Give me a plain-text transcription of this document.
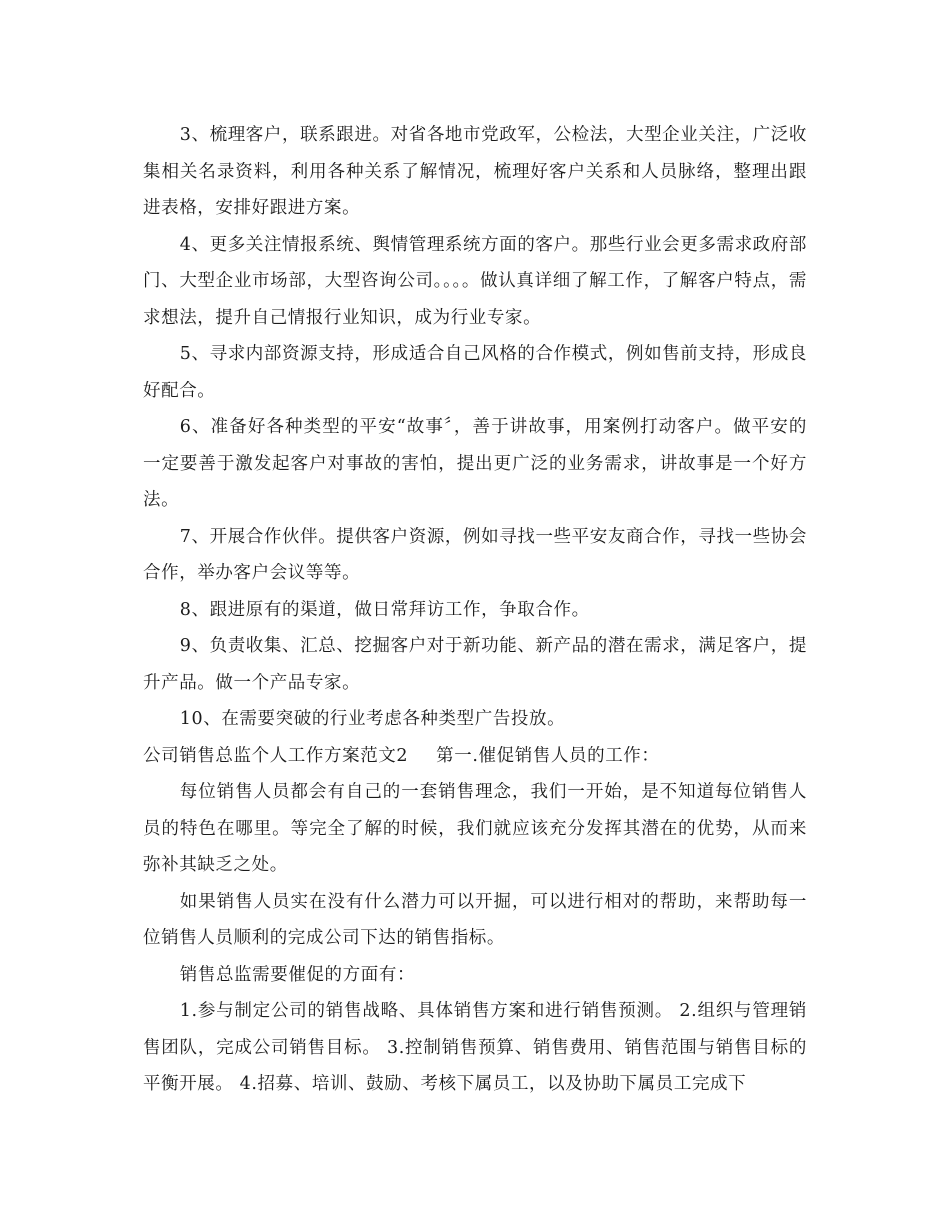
3、梳理客户，联系跟进。对省各地市党政军，公检法，大型企业关注，广泛收集相关名录资料，利用各种关系了解情况，梳理好客户关系和人员脉络，整理出跟进表格，安排好跟进方案。

4、更多关注情报系统、舆情管理系统方面的客户。那些行业会更多需求政府部门、大型企业市场部，大型咨询公司。。。。做认真详细了解工作，了解客户特点，需求想法，提升自己情报行业知识，成为行业专家。

5、寻求内部资源支持，形成适合自己风格的合作模式，例如售前支持，形成良好配合。

6、准备好各种类型的平安“故事〞，善于讲故事，用案例打动客户。做平安的一定要善于激发起客户对事故的害怕，提出更广泛的业务需求，讲故事是一个好方法。

7、开展合作伙伴。提供客户资源，例如寻找一些平安友商合作，寻找一些协会合作，举办客户会议等等。

8、跟进原有的渠道，做日常拜访工作，争取合作。

9、负责收集、汇总、挖掘客户对于新功能、新产品的潜在需求，满足客户，提升产品。做一个产品专家。

10、在需要突破的行业考虑各种类型广告投放。

公司销售总监个人工作方案范文2 第一.催促销售人员的工作：

每位销售人员都会有自己的一套销售理念，我们一开始，是不知道每位销售人员的特色在哪里。等完全了解的时候，我们就应该充分发挥其潜在的优势，从而来弥补其缺乏之处。

如果销售人员实在没有什么潜力可以开掘，可以进行相对的帮助，来帮助每一位销售人员顺利的完成公司下达的销售指标。

销售总监需要催促的方面有：

1.参与制定公司的销售战略、具体销售方案和进行销售预测。 2.组织与管理销售团队，完成公司销售目标。 3.控制销售预算、销售费用、销售范围与销售目标的平衡开展。 4.招募、培训、鼓励、考核下属员工，以及协助下属员工完成下
